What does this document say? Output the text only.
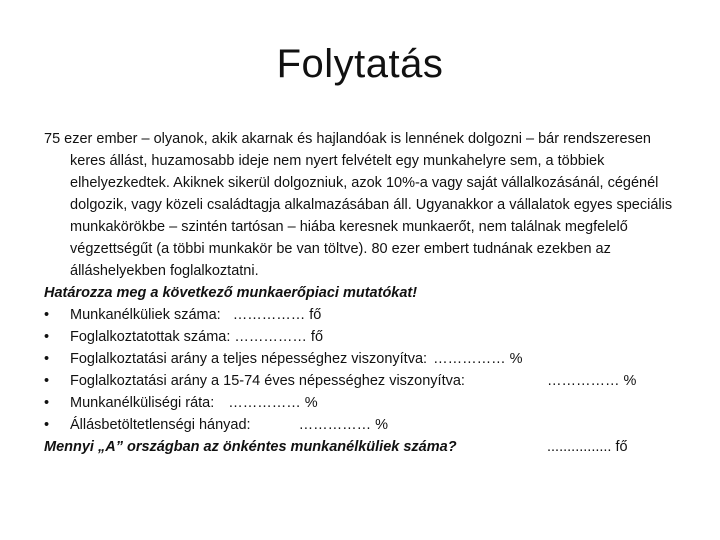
Folytatás

75 ezer ember – olyanok, akik akarnak és hajlandóak is lennének dolgozni – bár rendszeresen keres állást, huzamosabb ideje nem nyert felvételt egy munkahelyre sem, a többiek elhelyezkedtek. Akiknek sikerül dolgozniuk, azok 10%-a vagy saját vállalkozásánál, cégénél dolgozik, vagy közeli családtagja alkalmazásában áll. Ugyanakkor a vállalatok egyes speciális munkakörökbe – szintén tartósan – hiába keresnek munkaerőt, nem találnak megfelelő végzettségűt (a többi munkakör be van töltve). 80 ezer embert tudnának ezekben az álláshelyekben foglalkoztatni.

Határozza meg a következő munkaerőpiaci mutatókat!

•	Munkanélküliek száma: …………… fő
•	Foglalkoztatottak száma: …………… fő
•	Foglalkoztatási arány a teljes népességhez viszonyítva: …………… %
•	Foglalkoztatási arány a 15-74 éves népességhez viszonyítva:	…………… %
•	Munkanélküliségi ráta: …………… %
•	Állásbetöltetlenségi hányad:	…………… %
Mennyi „A” országban az önkéntes munkanélküliek száma?	................ fő
